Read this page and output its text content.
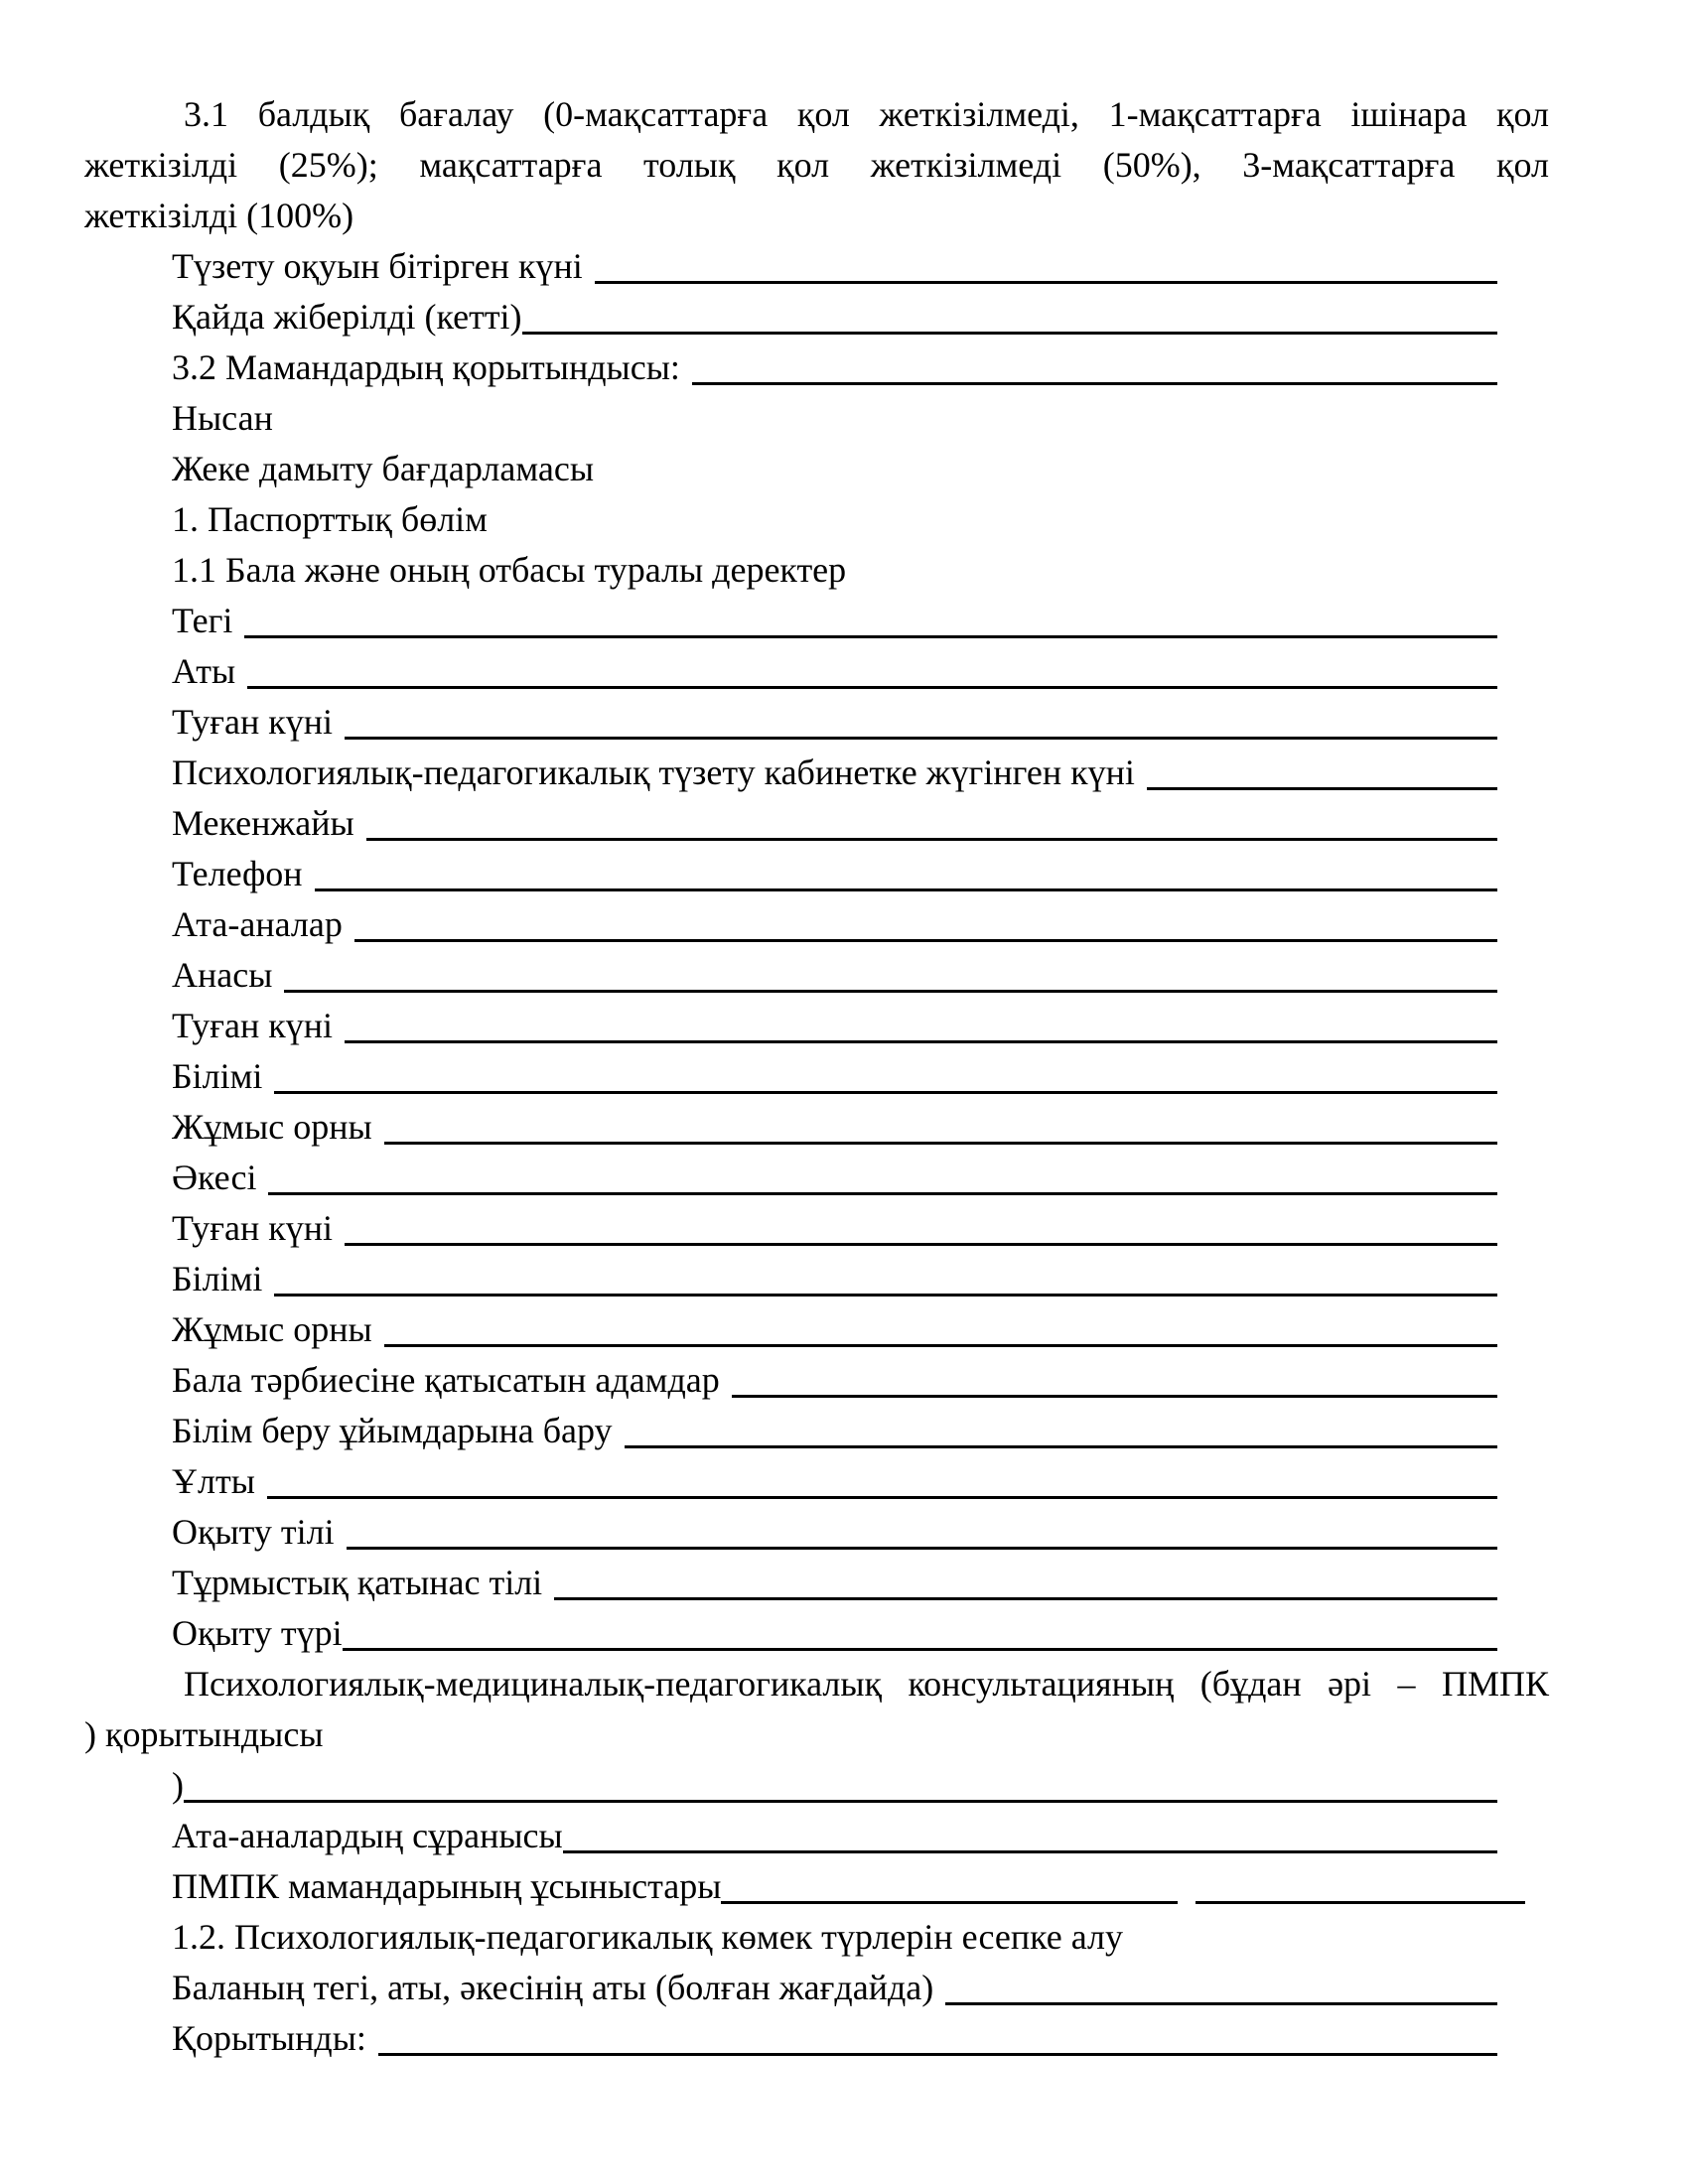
3.1 балдық бағалау (0-мақсаттарға қол жеткізілмеді, 1-мақсаттарға ішінара қол
жеткізілді (25%); мақсаттарға толық қол жеткізілмеді (50%), 3-мақсаттарға қол
жеткізілді (100%)
Түзету оқуын бітірген күні
Қайда жіберілді (кетті)
3.2 Мамандардың қорытындысы:
Нысан
Жеке дамыту бағдарламасы
1. Паспорттық бөлім
1.1 Бала және оның отбасы туралы деректер
Тегі
Аты
Туған күні
Психологиялық-педагогикалық түзету кабинетке жүгінген күні
Мекенжайы
Телефон
Ата-аналар
Анасы
Туған күні
Білімі
Жұмыс орны
Әкесі
Туған күні
Білімі
Жұмыс орны
Бала тәрбиесіне қатысатын адамдар
Білім беру ұйымдарына бару
Ұлты
Оқыту тілі
Тұрмыстық қатынас тілі
Оқыту түрі
Психологиялық-медициналық-педагогикалық консультацияның (бұдан әрі – ПМПК
) қорытындысы
)
Ата-аналардың сұранысы
ПМПК мамандарының ұсыныстары
1.2. Психологиялық-педагогикалық көмек түрлерін есепке алу
Баланың тегі, аты, әкесінің аты (болған жағдайда)
Қорытынды:
